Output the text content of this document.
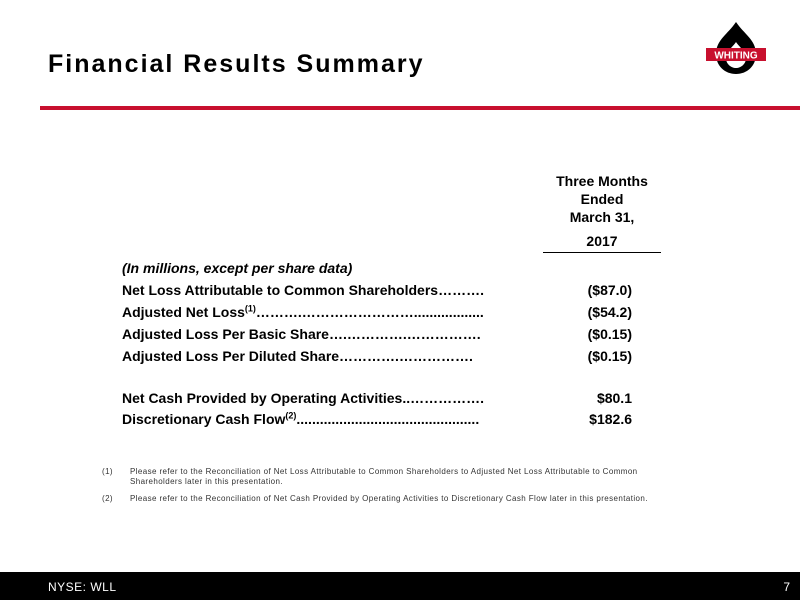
Financial Results Summary	WHITING
Three Months
Ended
March 31,
2017
(In millions, except per share data)
Net Loss Attributable to Common Shareholders……….	($87.0)
Adjusted Net Loss$^{(1)}$……….……………………..................	($54.2)
Adjusted Loss Per Basic Share….………….…………….	($0.15)
Adjusted Loss Per Diluted Share………….…………….	($0.15)
Net Cash Provided by Operating Activities..…………….	$80.1
Discretionary Cash Flow$^{(2)}$...............................................	$182.6
(1) Please refer to the Reconciliation of Net Loss Attributable to Common Shareholders to Adjusted Net Loss Attributable to Common Shareholders later in this presentation.
(2) Please refer to the Reconciliation of Net Cash Provided by Operating Activities to Discretionary Cash Flow later in this presentation.
NYSE: WLL	7
